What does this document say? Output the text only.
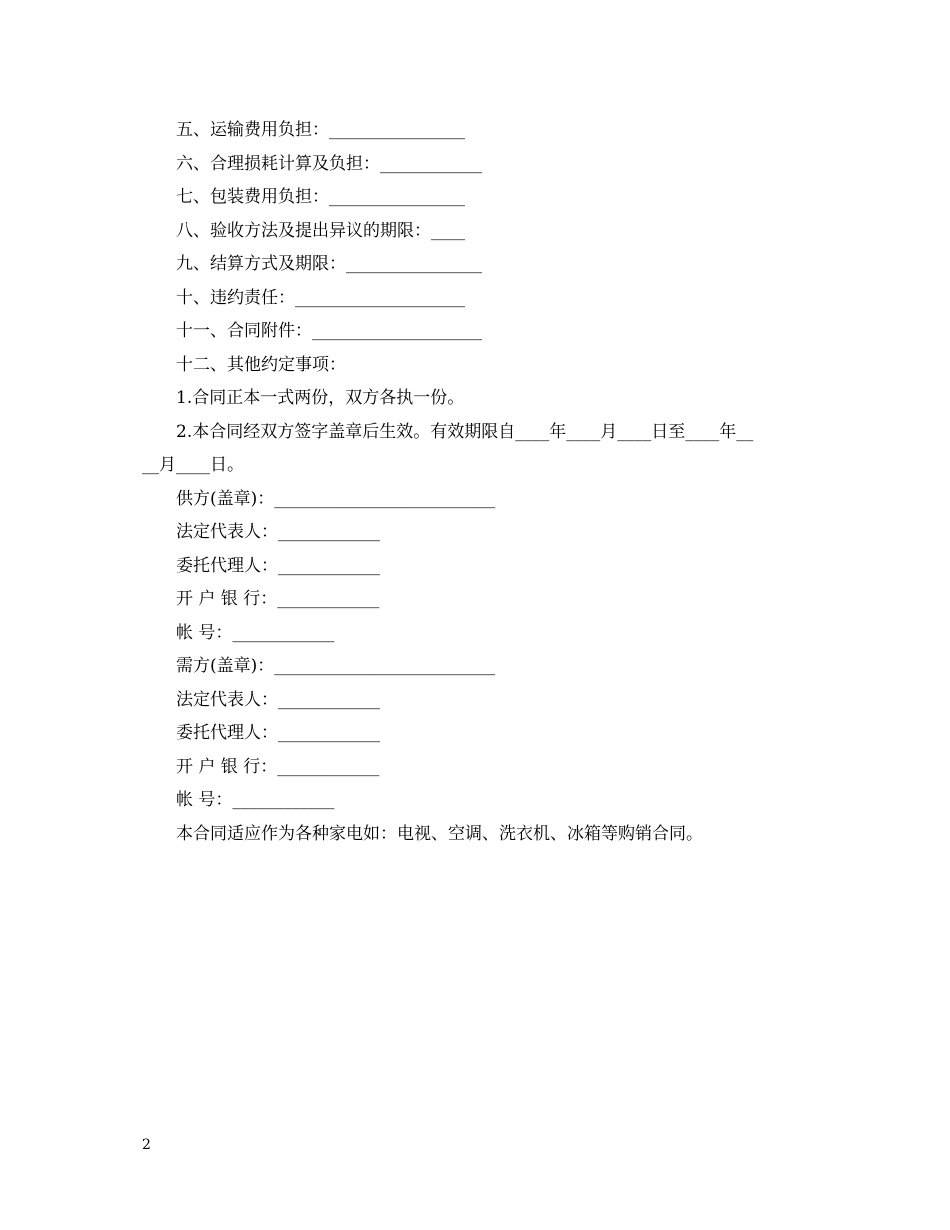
五、运输费用负担：________________
六、合理损耗计算及负担：____________
七、包装费用负担：________________
八、验收方法及提出异议的期限：____
九、结算方式及期限：________________
十、违约责任：____________________
十一、合同附件：____________________
十二、其他约定事项：
1.合同正本一式两份，双方各执一份。
2.本合同经双方签字盖章后生效。有效期限自____年____月____日至____年__
__月____日。
供方(盖章)：__________________________
法定代表人：____________
委托代理人：____________
开 户 银 行：____________
帐 号：____________
需方(盖章)：__________________________
法定代表人：____________
委托代理人：____________
开 户 银 行：____________
帐 号：____________
本合同适应作为各种家电如：电视、空调、洗衣机、冰箱等购销合同。
2
